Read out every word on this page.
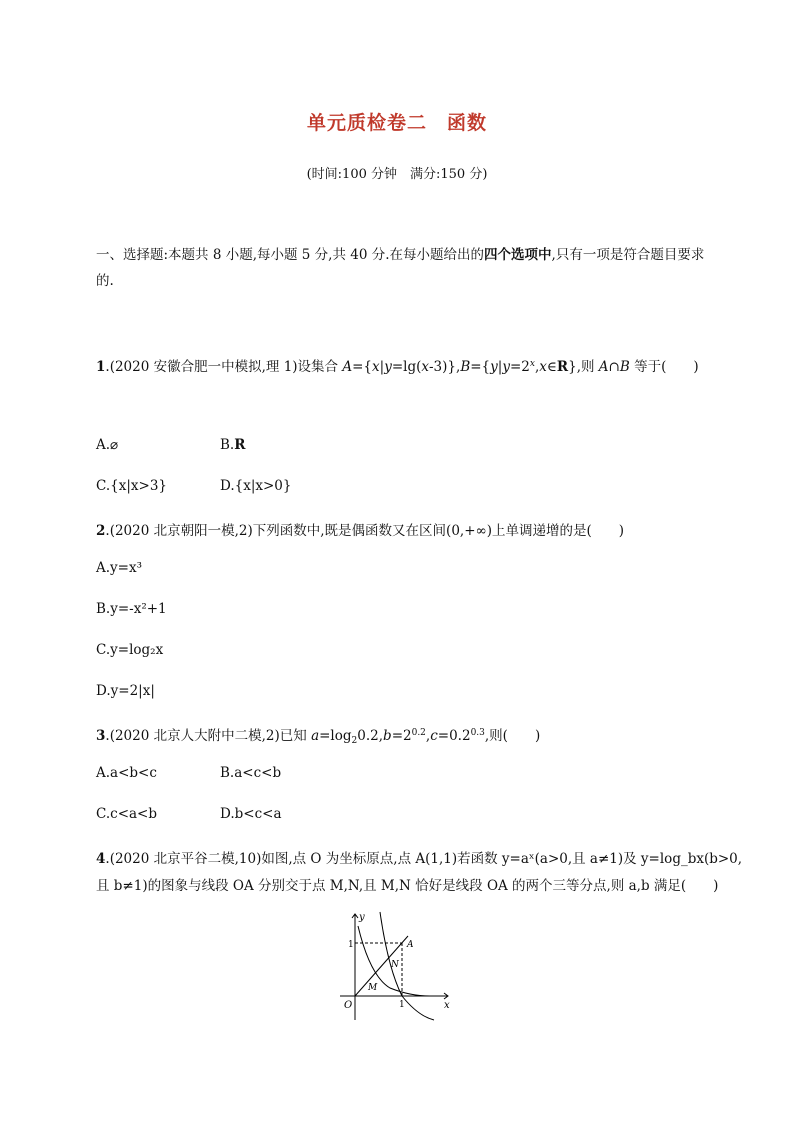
单元质检卷二　函数
(时间:100 分钟　满分:150 分)
一、选择题:本题共 8 小题,每小题 5 分,共 40 分.在每小题给出的四个选项中,只有一项是符合题目要求的.
1.(2020 安徽合肥一中模拟,理 1)设集合 $A=\{x|y=\lg(x-3)\},B=\{y|y=2^x,x\in R\}$,则 A∩B 等于(　　)
A.⌀	B.R
C.{x|x>3}	D.{x|x>0}
2.(2020 北京朝阳一模,2)下列函数中,既是偶函数又在区间(0,+∞)上单调递增的是(　　)
A.y=x³
B.y=-x²+1
C.y=log₂x
D.y=2|x|
3.(2020 北京人大附中二模,2)已知 $a=\log_20.2,b=2^{0.2},c=0.2^{0.3}$,则(　　)
A.a<b<c	B.a<c<b
C.c<a<b	D.b<c<a
4.(2020 北京平谷二模,10)如图,点 O 为坐标原点,点 A(1,1)若函数 y=aˣ(a>0,且 a≠1)及 y=log_bx(b>0,
且 b≠1)的图象与线段 OA 分别交于点 M,N,且 M,N 恰好是线段 OA 的两个三等分点,则 a,b 满足(　　)
y
x
O
1
1
A
N
M
